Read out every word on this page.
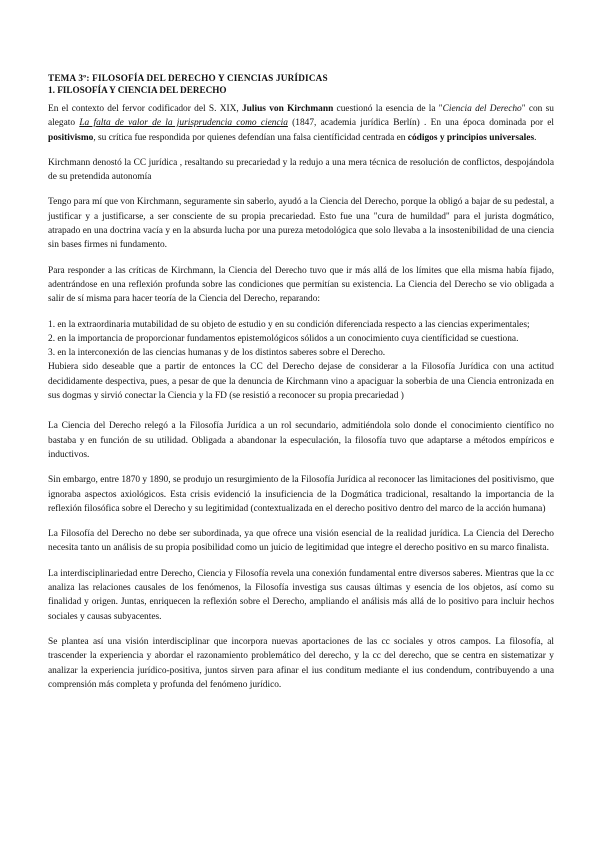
TEMA 3º: FILOSOFÍA DEL DERECHO Y CIENCIAS JURÍDICAS
1. FILOSOFÍA Y CIENCIA DEL DERECHO

En el contexto del fervor codificador del S. XIX, Julius von Kirchmann cuestionó la esencia de la "Ciencia del Derecho" con su alegato La falta de valor de la jurisprudencia como ciencia (1847, academia jurídica Berlín) . En una época dominada por el positivismo, su crítica fue respondida por quienes defendían una falsa científicidad centrada en códigos y principios universales.

Kirchmann denostó la CC jurídica , resaltando su precariedad y la redujo a una mera técnica de resolución de conflictos, despojándola de su pretendida autonomía

Tengo para mí que von Kirchmann, seguramente sin saberlo, ayudó a la Ciencia del Derecho, porque la obligó a bajar de su pedestal, a justificar y a justificarse, a ser consciente de su propia precariedad. Esto fue una "cura de humildad" para el jurista dogmático, atrapado en una doctrina vacía y en la absurda lucha por una pureza metodológica que solo llevaba a la insostenibilidad de una ciencia sin bases firmes ni fundamento.

Para responder a las críticas de Kirchmann, la Ciencia del Derecho tuvo que ir más allá de los límites que ella misma había fijado, adentrándose en una reflexión profunda sobre las condiciones que permitían su existencia. La Ciencia del Derecho se vio obligada a salir de sí misma para hacer teoría de la Ciencia del Derecho, reparando:

1. en la extraordinaria mutabilidad de su objeto de estudio y en su condición diferenciada respecto a las ciencias experimentales;
2. en la importancia de proporcionar fundamentos epistemológicos sólidos a un conocimiento cuya científicidad se cuestiona.
3. en la interconexión de las ciencias humanas y de los distintos saberes sobre el Derecho.

Hubiera sido deseable que a partir de entonces la CC del Derecho dejase de considerar a la Filosofía Jurídica con una actitud decididamente despectiva, pues, a pesar de que la denuncia de Kirchmann vino a apaciguar la soberbia de una Ciencia entronizada en sus dogmas y sirvió conectar la Ciencia y la FD (se resistió a reconocer su propia precariedad )

La Ciencia del Derecho relegó a la Filosofía Jurídica a un rol secundario, admitiéndola solo donde el conocimiento científico no bastaba y en función de su utilidad. Obligada a abandonar la especulación, la filosofía tuvo que adaptarse a métodos empíricos e inductivos.

Sin embargo, entre 1870 y 1890, se produjo un resurgimiento de la Filosofía Jurídica al reconocer las limitaciones del positivismo, que ignoraba aspectos axiológicos. Esta crisis evidenció la insuficiencia de la Dogmática tradicional, resaltando la importancia de la reflexión filosófica sobre el Derecho y su legitimidad (contextualizada en el derecho positivo dentro del marco de la acción humana)

La Filosofía del Derecho no debe ser subordinada, ya que ofrece una visión esencial de la realidad jurídica. La Ciencia del Derecho necesita tanto un análisis de su propia posibilidad como un juicio de legitimidad que integre el derecho positivo en su marco finalista.

La interdisciplinariedad entre Derecho, Ciencia y Filosofía revela una conexión fundamental entre diversos saberes. Mientras que la cc analiza las relaciones causales de los fenómenos, la Filosofía investiga sus causas últimas y esencia de los objetos, así como su finalidad y origen. Juntas, enriquecen la reflexión sobre el Derecho, ampliando el análisis más allá de lo positivo para incluir hechos sociales y causas subyacentes.

Se plantea así una visión interdisciplinar que incorpora nuevas aportaciones de las cc sociales y otros campos. La filosofía, al trascender la experiencia y abordar el razonamiento problemático del derecho, y la cc del derecho, que se centra en sistematizar y analizar la experiencia jurídico-positiva, juntos sirven para afinar el ius conditum mediante el ius condendum, contribuyendo a una comprensión más completa y profunda del fenómeno jurídico.
